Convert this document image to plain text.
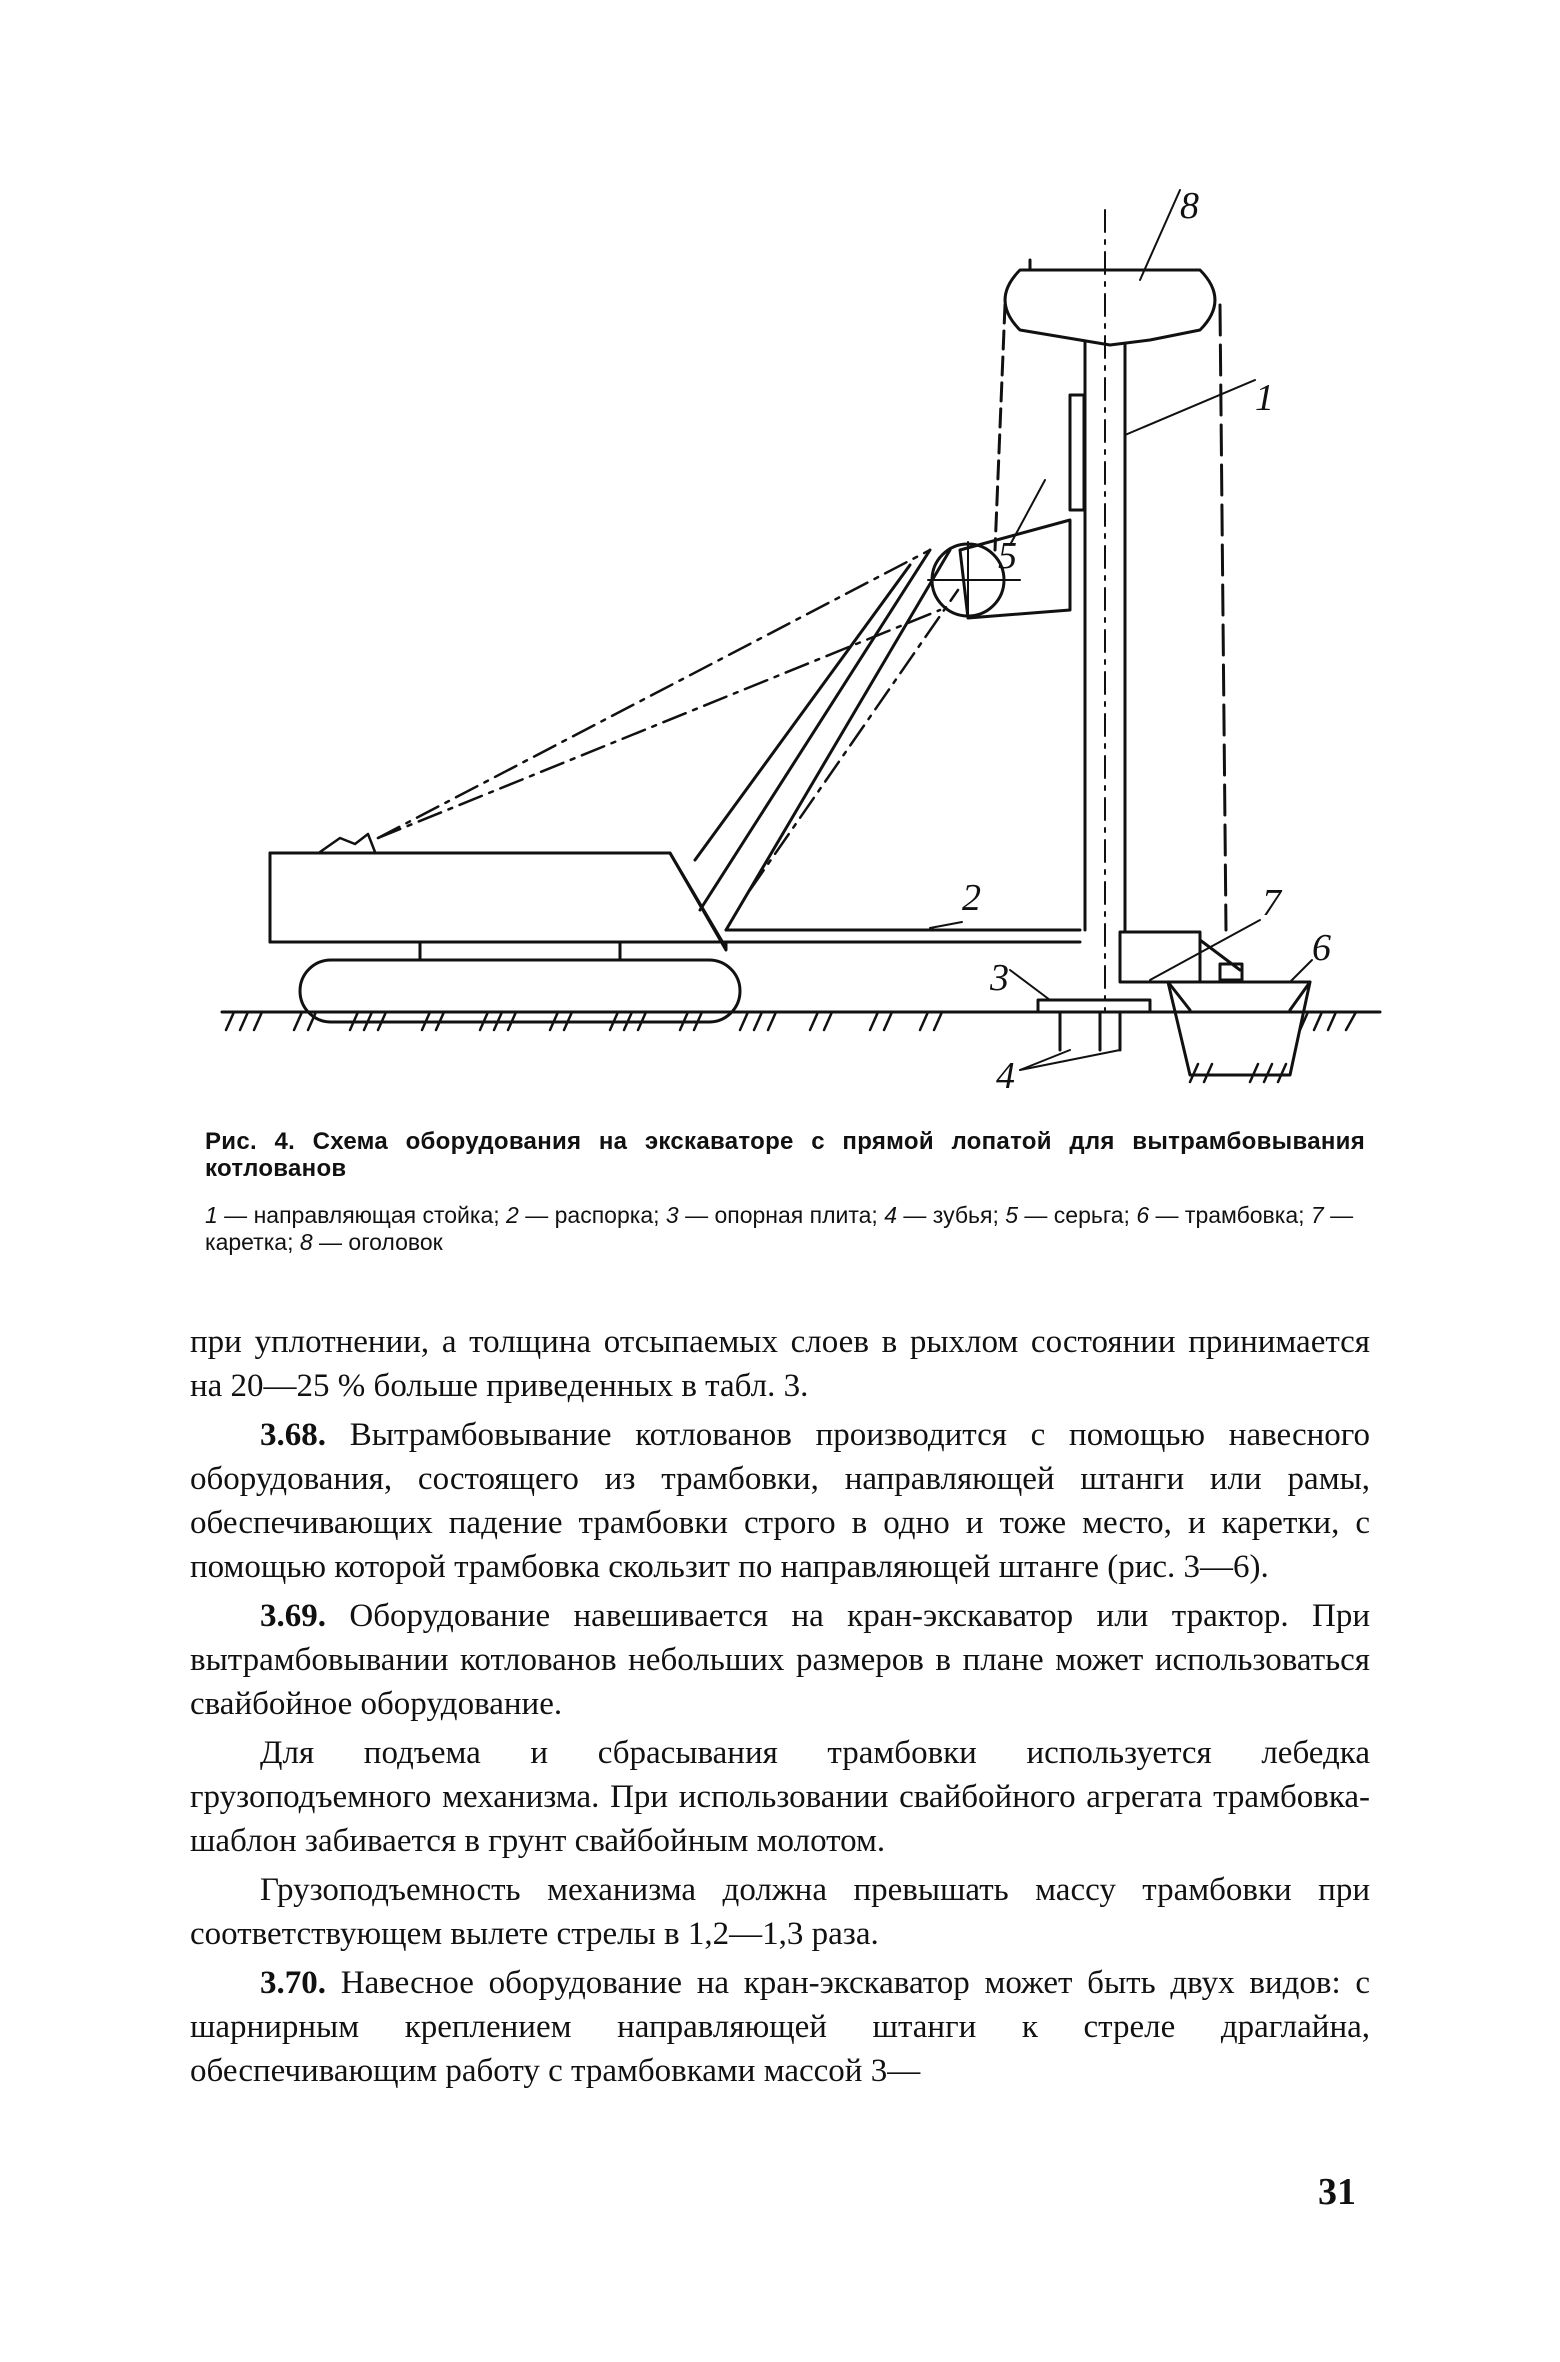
8
1
5
2	7
6
3
4
Рис. 4. Схема оборудования на экскаваторе с прямой лопатой для вытрамбовывания котлованов
1 — направляющая стойка; 2 — распорка; 3 — опорная плита; 4 — зубья; 5 — серьга; 6 — трамбовка; 7 — каретка; 8 — оголовок

при уплотнении, а толщина отсыпаемых слоев в рыхлом состоянии принимается на 20—25 % больше приведенных в табл. 3.

3.68. Вытрамбовывание котлованов производится с помощью навесного оборудования, состоящего из трамбовки, направляющей штанги или рамы, обеспечивающих падение трамбовки строго в одно и тоже место, и каретки, с помощью которой трамбовка скользит по направляющей штанге (рис. 3—6).

3.69. Оборудование навешивается на кран-экскаватор или трактор. При вытрамбовывании котлованов небольших размеров в плане может использоваться свайбойное оборудование.

Для подъема и сбрасывания трамбовки используется лебедка грузоподъемного механизма. При использовании свайбойного агрегата трамбовка-шаблон забивается в грунт свайбойным молотом.

Грузоподъемность механизма должна превышать массу трамбовки при соответствующем вылете стрелы в 1,2—1,3 раза.

3.70. Навесное оборудование на кран-экскаватор может быть двух видов: с шарнирным креплением направляющей штанги к стреле драглайна, обеспечивающим работу с трамбовками массой 3—

31
